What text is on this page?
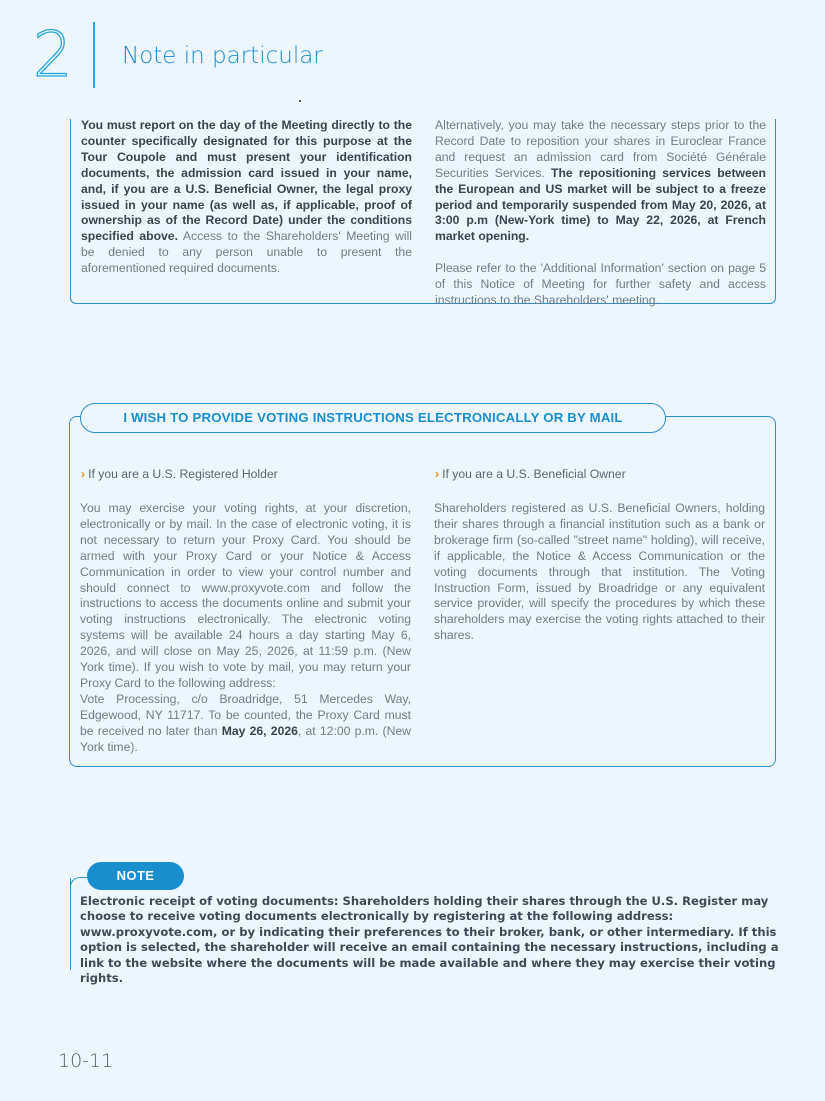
2 Note in particular

You must report on the day of the Meeting directly to the counter specifically designated for this purpose at the Tour Coupole and must present your identification documents, the admission card issued in your name, and, if you are a U.S. Beneficial Owner, the legal proxy issued in your name (as well as, if applicable, proof of ownership as of the Record Date) under the conditions specified above. Access to the Shareholders' Meeting will be denied to any person unable to present the aforementioned required documents.

Alternatively, you may take the necessary steps prior to the Record Date to reposition your shares in Euroclear France and request an admission card from Société Générale Securities Services. The repositioning services between the European and US market will be subject to a freeze period and temporarily suspended from May 20, 2026, at 3:00 p.m (New-York time) to May 22, 2026, at French market opening.

Please refer to the 'Additional Information' section on page 5 of this Notice of Meeting for further safety and access instructions to the Shareholders' meeting.

I WISH TO PROVIDE VOTING INSTRUCTIONS ELECTRONICALLY OR BY MAIL
› If you are a U.S. Registered Holder	› If you are a U.S. Beneficial Owner
You may exercise your voting rights, at your discretion, electronically or by mail. In the case of electronic voting, it is not necessary to return your Proxy Card. You should be armed with your Proxy Card or your Notice & Access Communication in order to view your control number and should connect to www.proxyvote.com and follow the instructions to access the documents online and submit your voting instructions electronically. The electronic voting systems will be available 24 hours a day starting May 6, 2026, and will close on May 25, 2026, at 11:59 p.m. (New York time). If you wish to vote by mail, you may return your Proxy Card to the following address:
Vote Processing, c/o Broadridge, 51 Mercedes Way, Edgewood, NY 11717. To be counted, the Proxy Card must be received no later than May 26, 2026, at 12:00 p.m. (New York time).
Shareholders registered as U.S. Beneficial Owners, holding their shares through a financial institution such as a bank or brokerage firm (so-called "street name" holding), will receive, if applicable, the Notice & Access Communication or the voting documents through that institution. The Voting Instruction Form, issued by Broadridge or any equivalent service provider, will specify the procedures by which these shareholders may exercise the voting rights attached to their shares.
NOTE
Electronic receipt of voting documents: Shareholders holding their shares through the U.S. Register may choose to receive voting documents electronically by registering at the following address: www.proxyvote.com, or by indicating their preferences to their broker, bank, or other intermediary. If this option is selected, the shareholder will receive an email containing the necessary instructions, including a link to the website where the documents will be made available and where they may exercise their voting rights.
10-11
